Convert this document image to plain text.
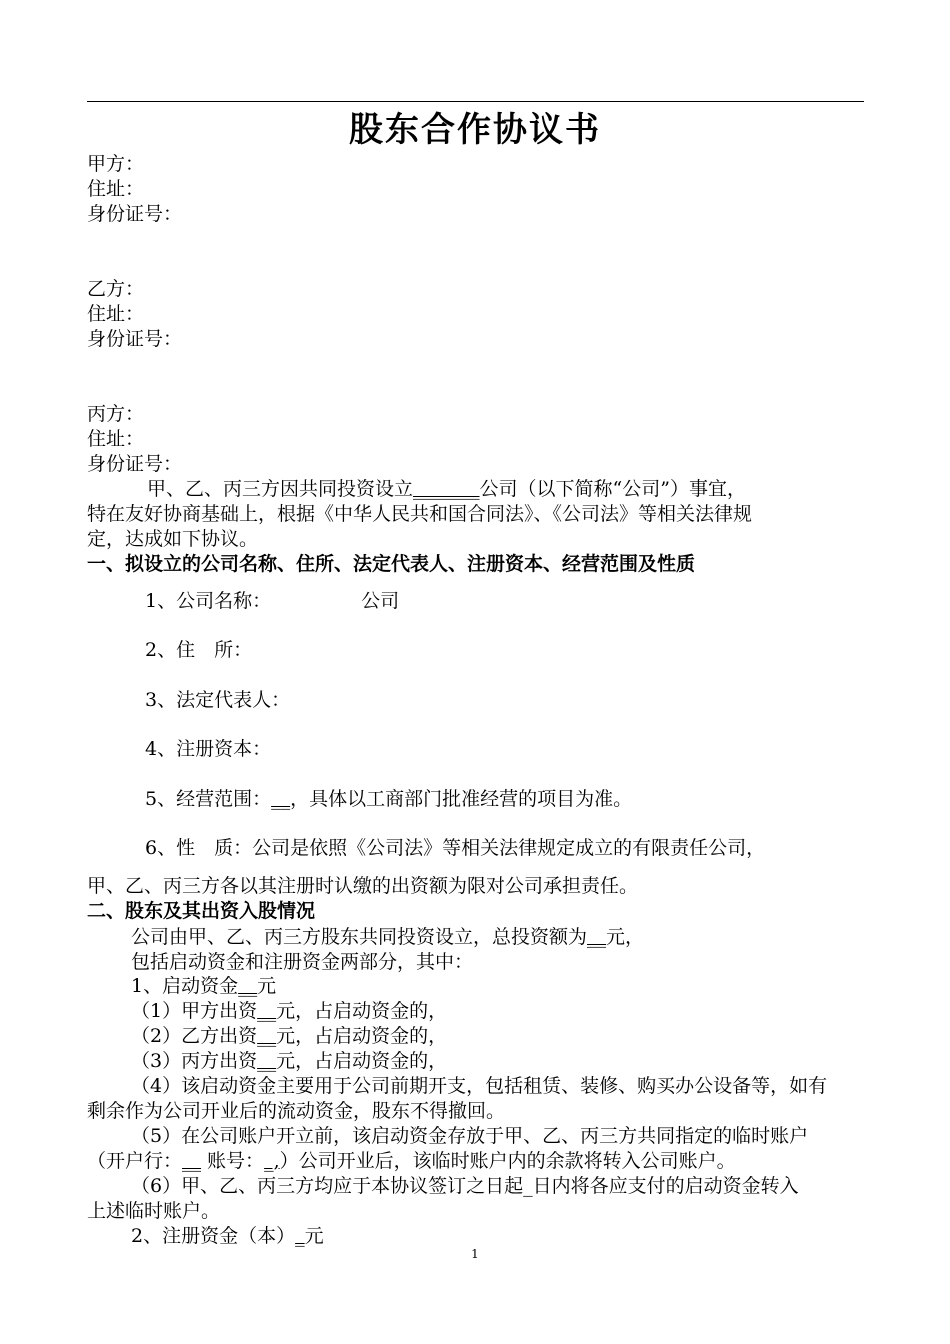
股东合作协议书
甲方：
住址：
身份证号：
乙方：
住址：
身份证号：
丙方：
住址：
身份证号：
甲、乙、丙三方因共同投资设立_______公司（以下简称“公司”）事宜，
特在友好协商基础上，根据《中华人民共和国合同法》、《公司法》等相关法律规
定，达成如下协议。
一、拟设立的公司名称、住所、法定代表人、注册资本、经营范围及性质
1、公司名称：	公司
2、住　所：
3、法定代表人：
4、注册资本：
5、经营范围：__，具体以工商部门批准经营的项目为准。
6、性　质：公司是依照《公司法》等相关法律规定成立的有限责任公司，
甲、乙、丙三方各以其注册时认缴的出资额为限对公司承担责任。
二、股东及其出资入股情况
公司由甲、乙、丙三方股东共同投资设立，总投资额为__元，
包括启动资金和注册资金两部分，其中：
1、启动资金__元
（1）甲方出资__元，占启动资金的，
（2）乙方出资__元，占启动资金的，
（3）丙方出资__元，占启动资金的，
（4）该启动资金主要用于公司前期开支，包括租赁、装修、购买办公设备等，如有
剩余作为公司开业后的流动资金，股东不得撤回。
（5）在公司账户开立前，该启动资金存放于甲、乙、丙三方共同指定的临时账户
（开户行：__ 账号：_,）公司开业后，该临时账户内的余款将转入公司账户。
（6）甲、乙、丙三方均应于本协议签订之日起_日内将各应支付的启动资金转入
上述临时账户。
2、注册资金（本）_元
1
